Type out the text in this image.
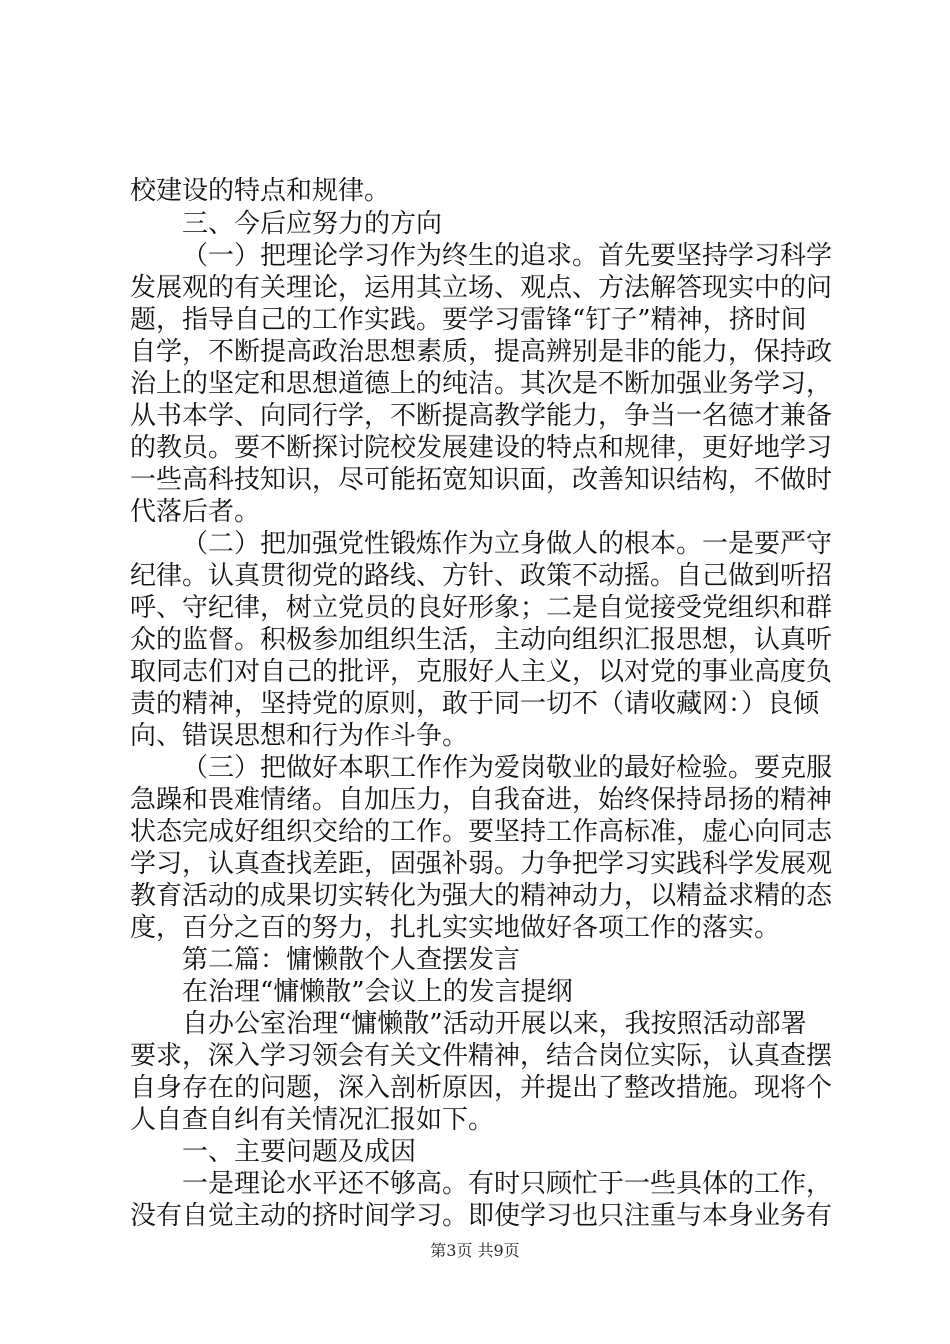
校建设的特点和规律。
三、今后应努力的方向
（一）把理论学习作为终生的追求。首先要坚持学习科学
发展观的有关理论，运用其立场、观点、方法解答现实中的问
题，指导自己的工作实践。要学习雷锋“钉子”精神，挤时间
自学，不断提高政治思想素质，提高辨别是非的能力，保持政
治上的坚定和思想道德上的纯洁。其次是不断加强业务学习，
从书本学、向同行学，不断提高教学能力，争当一名德才兼备
的教员。要不断探讨院校发展建设的特点和规律，更好地学习
一些高科技知识，尽可能拓宽知识面，改善知识结构，不做时
代落后者。
（二）把加强党性锻炼作为立身做人的根本。一是要严守
纪律。认真贯彻党的路线、方针、政策不动摇。自己做到听招
呼、守纪律，树立党员的良好形象；二是自觉接受党组织和群
众的监督。积极参加组织生活，主动向组织汇报思想，认真听
取同志们对自己的批评，克服好人主义，以对党的事业高度负
责的精神，坚持党的原则，敢于同一切不（请收藏网：）良倾
向、错误思想和行为作斗争。
（三）把做好本职工作作为爱岗敬业的最好检验。要克服
急躁和畏难情绪。自加压力，自我奋进，始终保持昂扬的精神
状态完成好组织交给的工作。要坚持工作高标准，虚心向同志
学习，认真查找差距，固强补弱。力争把学习实践科学发展观
教育活动的成果切实转化为强大的精神动力，以精益求精的态
度，百分之百的努力，扎扎实实地做好各项工作的落实。
第二篇：慵懒散个人查摆发言
在治理“慵懒散”会议上的发言提纲
自办公室治理“慵懒散”活动开展以来，我按照活动部署
要求，深入学习领会有关文件精神，结合岗位实际，认真查摆
自身存在的问题，深入剖析原因，并提出了整改措施。现将个
人自查自纠有关情况汇报如下。
一、主要问题及成因
一是理论水平还不够高。有时只顾忙于一些具体的工作，
没有自觉主动的挤时间学习。即使学习也只注重与本身业务有
第3页 共9页
